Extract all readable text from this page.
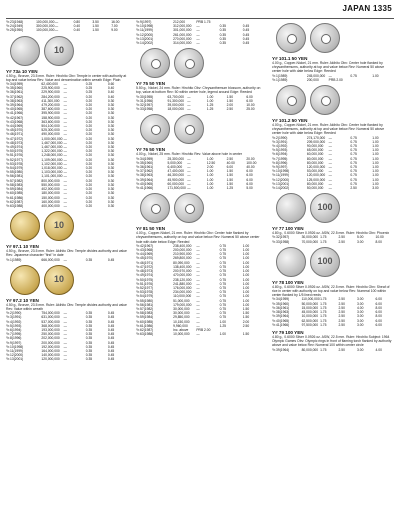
JAPAN 1335
Yr.23(1948)	100,000,000 —	0.80	3.50	16.00
Yr.24(1949)	300,000,000 —	0.40	1.50	7.00
Yr.25(1950)	100,000,000 —	0.40	1.50	9.00
10
Y# 73a 10 YEN
4.50 g., Bronze, 23.5 mm. Ruler: Hirohito Obv: Temple in center with authority at top and value below Rev: Value and denomination within wreath Edge: Plain
Yr.34(1959)	62,400,000	—	0.25	0.60
Yr.35(1960)	225,900,000	—	0.25	0.40
Yr.36(1961)	229,900,000	—	0.25	0.40
Yr.37(1962)	284,200,000	—	0.20	0.40
Yr.38(1963)	411,300,000	—	0.20	0.30
Yr.39(1964)	479,200,000	—	0.20	0.30
Yr.40(1965)	387,600,000	—	0.20	0.30
Yr.41(1966)	395,900,000	—	0.20	0.30
Yr.42(1967)	158,900,000	—	0.20	0.30
Yr.43(1968)	363,600,000	—	0.20	0.30
Yr.44(1969)	504,100,000	—	0.20	0.30
Yr.45(1970)	525,300,000	—	0.20	0.30
Yr.46(1971)	490,000,000	—	0.20	0.30
Yr.47(1972)	1,000,000,000 —	0.20	0.30
Yr.48(1973)	1,467,000,000 —	0.20	0.30
Yr.49(1974)	1,467,000,000 —	0.20	0.30
Yr.50(1975)	1,322,000,000 —	0.20	0.30
Yr.51(1976)	1,248,000,000 —	0.20	0.30
Yr.52(1977)	1,109,000,000 —	0.20	0.30
Yr.53(1978)	1,102,000,000 —	0.20	0.30
Yr.54(1979)	1,018,000,000 —	0.20	0.30
Yr.55(1980)	1,103,000,000 —	0.20	0.30
Yr.56(1981)	1,101,000,000 —	0.20	0.30
Yr.57(1982)	800,000,000	—	0.20	0.30
Yr.58(1983)	550,000,000	—	0.20	0.30
Yr.59(1984)	402,000,000	—	0.20	0.30
Yr.60(1985)	180,000,000	—	0.20	0.30
Yr.61(1986)	150,000,000	—	0.20	0.30
Yr.62(1987)	160,000,000	—	0.20	0.30
Yr.63(1988)	400,000,000	—	0.20	0.30
10
Y# 97.1 10 YEN
4.50 g., Bronze, 23.5 mm. Ruler: Akihito Obv: Temple divides authority and value Rev: Japanese character "first" in date
Yr.1(1989)	666,000,000	—	0.35	0.45
10
Y# 97.2 10 YEN
4.50 g., Bronze, 23.5 mm. Ruler: Akihito Obv: Temple divides authority and value Rev: Value within wreath
Yr.2(1990)	754,000,000	—	0.35	0.45
Yr.3(1991)	631,000,000	—	0.35	0.45
Yr.4(1992)	537,000,000	—	0.35	0.45
Yr.5(1993)	368,000,000	—	0.35	0.45
Yr.6(1994)	193,000,000	—	0.35	0.45
Yr.7(1995)	250,000,000	—	0.35	0.45
Yr.8(1996)	202,000,000	—	0.35	0.45
Yr.9(1997)	200,000,000	—	0.35	0.45
Yr.10(1998)	192,000,000	—	0.35	0.45
Yr.11(1999)	164,000,000	—	0.35	0.45
Yr.12(2000)	140,000,000	—	0.35	0.45
Yr.13(2001)	120,000,000	—	0.35	0.45
Yr.9(1997)	212,000	PRB 1.75
Yr.10(1998)	312,000,000	—	0.35	0.45
Yr.11(1999)	301,000,000	—	0.35	0.45
Yr.12(2000)	261,000,000	—	0.35	0.45
Yr.13(2001)	270,000,000	—	0.35	0.45
Yr.14(2002)	314,000,000	—	0.35	0.45
Y# 75 50 YEN
5.50 g., Nickel, 24 mm. Ruler: Hirohito Obv: Chrysanthemum blossom, authority on top, value at bottom Rev: 50 within center hole, legend around Edge: Reeded
Yr.30(1955)	63,700,000 —	1.00	1.50	6.00
Yr.31(1956)	91,300,000 —	1.00	1.50	6.00
Yr.32(1957)	39,000,000 —	1.25	2.00	10.00
Yr.33(1958)	18,000,000 —	1.25	2.50	25.00
Y# 76 50 YEN
4.00 g., Nickel, 25 mm. Ruler: Hirohito Rev: Value above hole in center
Yr.34(1959)	25,300,000 —	1.00	2.50	20.00
Yr.35(1960)	5,000,000	—	12.50	40.00	100.00
Yr.36(1961)	6,400,000	—	2.00	6.00	40.00
Yr.37(1962)	47,400,000 —	1.00	1.50	6.00
Yr.38(1963)	46,300,000 —	1.00	1.50	6.00
Yr.39(1964)	45,900,000 —	1.00	1.50	6.00
Yr.40(1965)	60,000,000 —	1.00	1.50	6.00
Yr.41(1966)	171,500,000 —	1.00	1.25	5.00
Y# 81 50 YEN
4.00 g., Copper-Nickel, 21 mm. Ruler: Hirohito Obv: Center hole flanked by chrysanthemums, authority on top and value below Rev: Numeral 50 above center hole with date below Edge: Reeded
Yr.42(1967)	238,400,000	—	0.75	1.00
Yr.43(1968)	200,000,000	—	0.75	1.00
Yr.44(1969)	210,900,000	—	0.75	1.00
Yr.45(1970)	269,800,000	—	0.75	1.00
Yr.46(1971)	80,090,000	—	0.75	1.00
Yr.47(1972)	138,400,000	—	0.75	1.00
Yr.48(1973)	200,970,000	—	0.75	1.00
Yr.49(1974)	470,000,000	—	0.75	1.00
Yr.50(1975)	238,120,000	—	0.75	1.00
Yr.51(1976)	241,880,000	—	0.75	1.00
Yr.52(1977)	176,000,000	—	0.75	1.00
Yr.53(1978)	234,000,000	—	0.75	1.00
Yr.54(1979)	110,000,000	—	0.75	1.00
Yr.55(1980)	51,000,000	—	0.75	1.00
Yr.56(1981)	179,000,000	—	0.75	1.00
Yr.57(1982)	30,000,000	—	0.75	1.50
Yr.58(1983)	30,000,000	—	0.75	1.50
Yr.59(1984)	29,850,000	—	0.75	1.50
Yr.60(1985)	10,150,000	—	1.00	2.00
Yr.61(1986)	9,960,000	—	1.25	2.50
Yr.62(1987)	Inc. above	PRB 2.00
Yr.63(1988)	10,000,000	—	1.00	1.50
Y# 101.1 50 YEN
4.00 g., Copper-Nickel, 21 mm. Ruler: Akihito Obv: Center hole flanked by chrysanthemums, authority at top and value below Rev: Numeral 50 above center hole with date below Edge: Reeded
Yr.1(1989)	245,000,000	—	0.75	1.00
Yr.1(1989)	200,000	PRB 2.00
Y# 101.2 50 YEN
4.00 g., Copper-Nickel, 21 mm. Ruler: Akihito Obv: Center hole flanked by chrysanthemums, authority at top and value below Rev: Numeral 50 above center hole with date below Edge: Reeded
Yr.2(1990)	274,170,000	—	0.75	1.00
Yr.3(1991)	209,000,000	—	0.75	1.00
Yr.4(1992)	90,000,000	—	0.75	1.00
Yr.5(1993)	65,000,000	—	0.75	1.00
Yr.6(1994)	60,000,000	—	0.75	1.00
Yr.7(1995)	80,000,000	—	0.75	1.00
Yr.8(1996)	80,000,000	—	0.75	1.00
Yr.9(1997)	120,000,000	—	0.75	1.00
Yr.10(1998)	53,000,000	—	0.75	1.00
Yr.11(1999)	120,000,000	—	0.75	1.00
Yr.12(2000)	125,000,000	—	0.75	1.00
Yr.13(2001)	80,000,000	—	0.75	1.00
Yr.14(2002)	50,000,000	—	2.50	3.00
100
Y# 77 100 YEN
4.80 g., 0.6000 Silver 0.0926 oz. ASW, 22.5 mm. Ruler: Hirohito Obv: Phoenix
Yr.32(1957)	30,000,000 1.75	2.50	5.00	10.00
Yr.33(1958)	70,000,000 1.75	2.50	3.00	8.00
100
Y# 78 100 YEN
4.80 g., 0.6000 Silver 0.0926 oz. ASW, 22.5 mm. Ruler: Hirohito Obv: Sheaf of rice in center with authority on top and value below Rev: Numeral 100 within center flanked by 1/5 lined reeds
Yr.34(1959)	110,000,000 1.75	2.50	3.00	6.00
Yr.35(1960)	50,000,000 1.75	2.50	3.00	6.00
Yr.36(1961)	15,000,000 1.75	2.50	4.00	8.00
Yr.38(1963)	45,000,000 1.75	2.50	3.00	6.00
Yr.39(1964)	10,000,000 1.75	2.50	3.00	8.00
Yr.40(1965)	62,500,000 1.75	2.50	3.00	6.00
Yr.41(1966)	97,500,000 1.75	2.50	3.00	6.00
Y# 79 100 YEN
4.80 g., 0.6000 Silver 0.0926 oz. ASW, 22.5 mm. Ruler: Hirohito Subject: 1964 Olympic Games Obv: Olympic rings in front of flaming torch flanked by authority above and value below Rev: Numeral 100 within center circle
Yr.39(1964)	80,000,000 1.75	2.50	3.00	4.00
